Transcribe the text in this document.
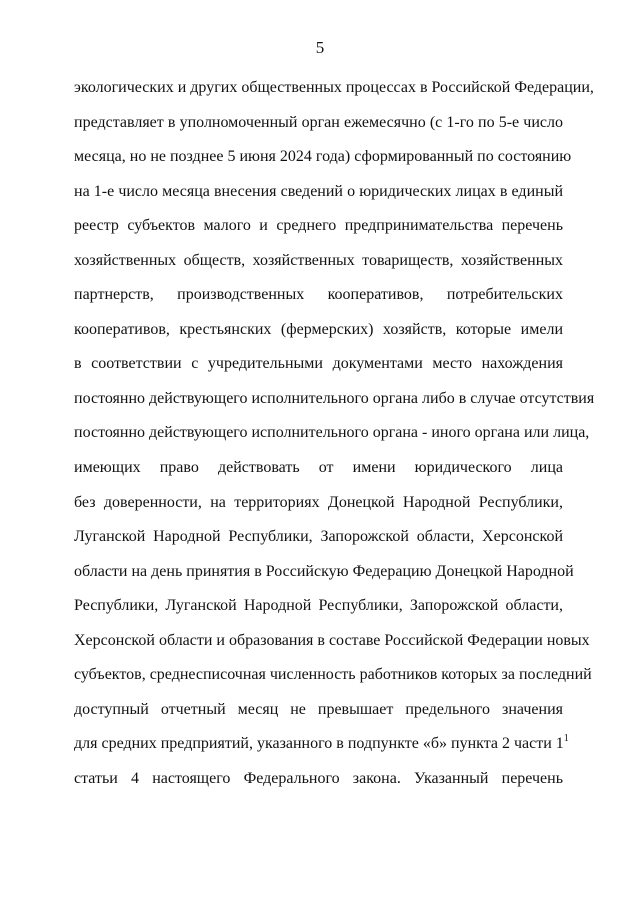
5
экологических и других общественных процессах в Российской Федерации,
представляет в уполномоченный орган ежемесячно (с 1-го по 5-е число
месяца, но не позднее 5 июня 2024 года) сформированный по состоянию
на 1-е число месяца внесения сведений о юридических лицах в единый
реестр субъектов малого и среднего предпринимательства перечень
хозяйственных обществ, хозяйственных товариществ, хозяйственных
партнерств, производственных кооперативов, потребительских
кооперативов, крестьянских (фермерских) хозяйств, которые имели
в соответствии с учредительными документами место нахождения
постоянно действующего исполнительного органа либо в случае отсутствия
постоянно действующего исполнительного органа - иного органа или лица,
имеющих право действовать от имени юридического лица
без доверенности, на территориях Донецкой Народной Республики,
Луганской Народной Республики, Запорожской области, Херсонской
области на день принятия в Российскую Федерацию Донецкой Народной
Республики, Луганской Народной Республики, Запорожской области,
Херсонской области и образования в составе Российской Федерации новых
субъектов, среднесписочная численность работников которых за последний
доступный отчетный месяц не превышает предельного значения
для средних предприятий, указанного в подпункте «б» пункта 2 части $1^1$
статьи 4 настоящего Федерального закона. Указанный перечень
